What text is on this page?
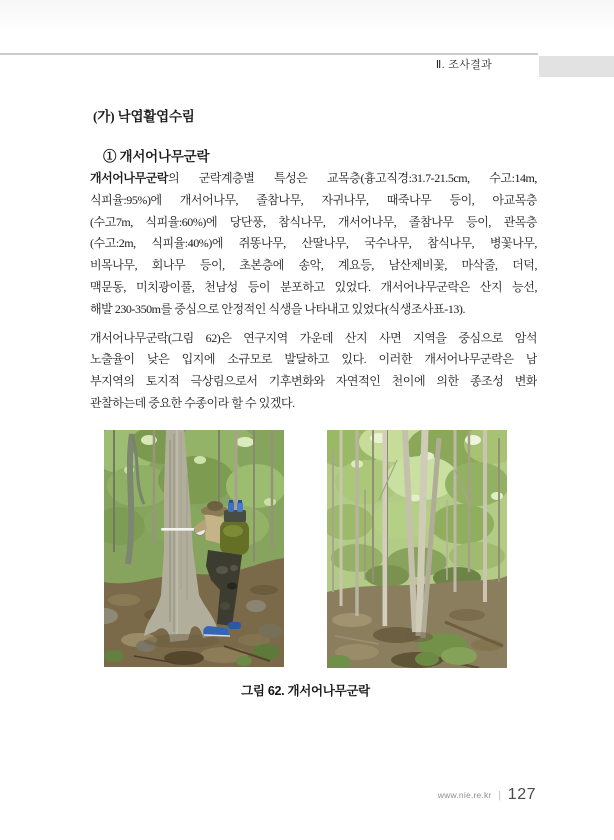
Ⅱ. 조사결과
(가) 낙엽활엽수림
① 개서어나무군락
개서어나무군락의 군락계층별 특성은 교목층(흉고직경:31.7-21.5cm, 수고:14m,
식피율:95%)에 개서어나무, 졸참나무, 자귀나무, 때죽나무 등이, 아교목층
(수고7m, 식피율:60%)에 당단풍, 참식나무, 개서어나무, 졸참나무 등이, 관목층
(수고:2m, 식피율:40%)에 쥐똥나무, 산딸나무, 국수나무, 참식나무, 병꽃나무,
비목나무, 회나무 등이, 초본층에 송악, 계요등, 남산제비꽃, 마삭줄, 더덕,
맥문동, 미치광이풀, 천남성 등이 분포하고 있었다. 개서어나무군락은 산지 능선,
해발 230-350m를 중심으로 안정적인 식생을 나타내고 있었다(식생조사표-13).
개서어나무군락(그림 62)은 연구지역 가운데 산지 사면 지역을 중심으로 암석
노출율이 낮은 입지에 소규모로 발달하고 있다. 이러한 개서어나무군락은 남
부지역의 토지적 극상림으로서 기후변화와 자연적인 천이에 의한 종조성 변화
관찰하는데 중요한 수종이라 할 수 있겠다.
그림 62. 개서어나무군락
www.nie.re.kr | 127
